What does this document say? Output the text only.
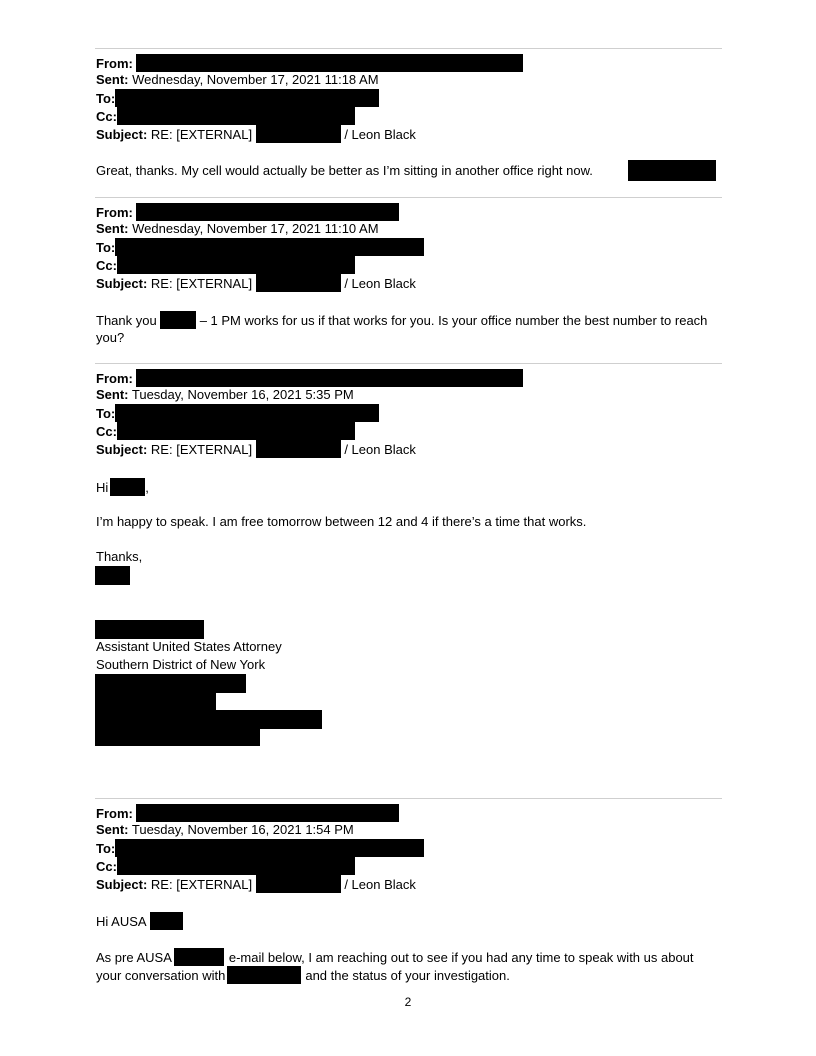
From:
Sent: Wednesday, November 17, 2021 11:18 AM
To:
Cc:
Subject: RE: [EXTERNAL]	/ Leon Black
Great, thanks. My cell would actually be better as I’m sitting in another office right now.
From:
Sent: Wednesday, November 17, 2021 11:10 AM
To:
Cc:
Subject: RE: [EXTERNAL]	/ Leon Black
Thank you	– 1 PM works for us if that works for you. Is your office number the best number to reach you?
From:
Sent: Tuesday, November 16, 2021 5:35 PM
To:
Cc:
Subject: RE: [EXTERNAL]	/ Leon Black
Hi	,
I’m happy to speak. I am free tomorrow between 12 and 4 if there’s a time that works.
Thanks,
Assistant United States Attorney
Southern District of New York
From:
Sent: Tuesday, November 16, 2021 1:54 PM
To:
Cc:
Subject: RE: [EXTERNAL]	/ Leon Black
Hi AUSA
As pre AUSA	e-mail below, I am reaching out to see if you had any time to speak with us about your conversation with	and the status of your investigation.
2
